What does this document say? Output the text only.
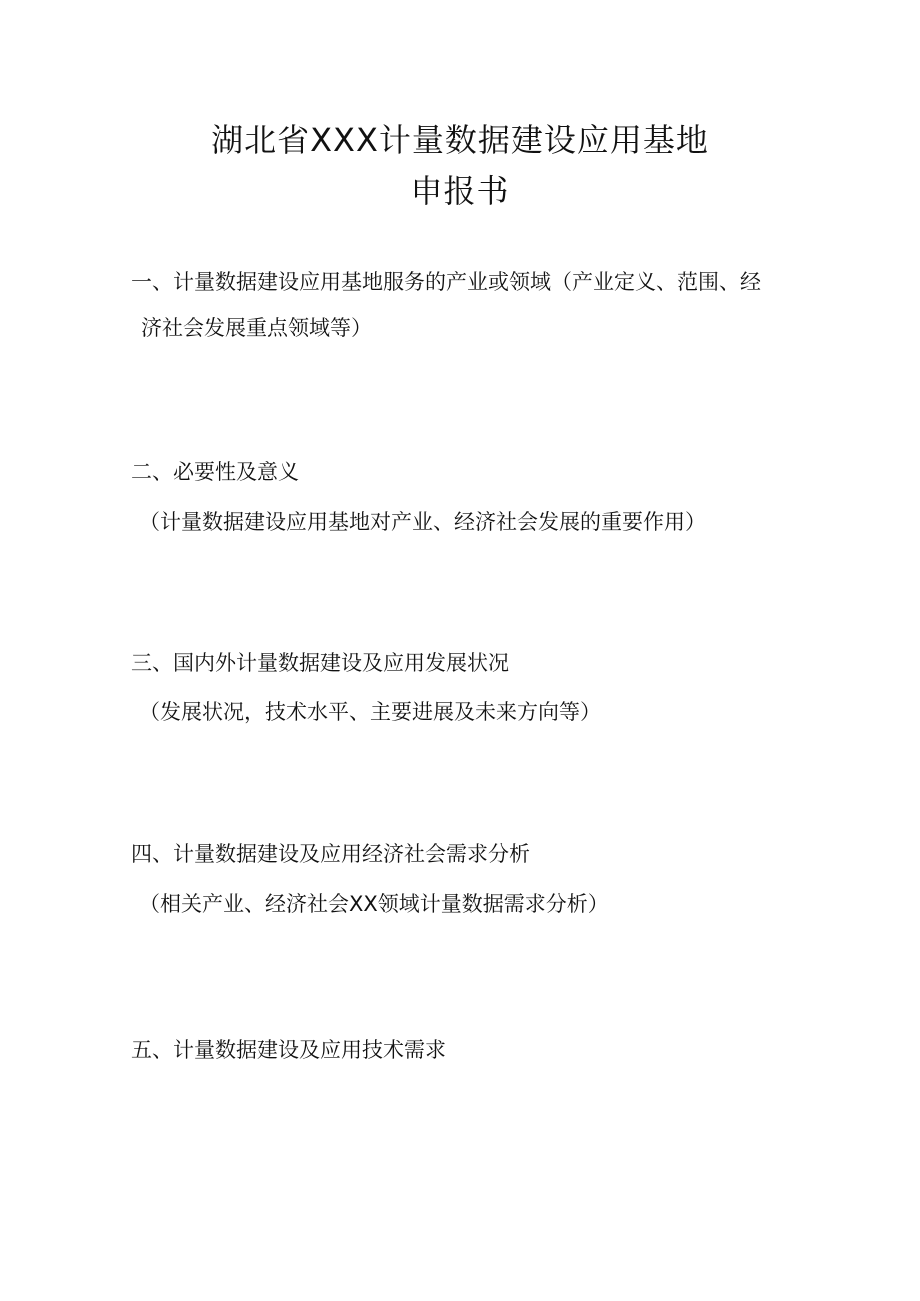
湖北省XXX计量数据建设应用基地
申报书
一、计量数据建设应用基地服务的产业或领域（产业定义、范围、经
济社会发展重点领域等）
二、必要性及意义
（计量数据建设应用基地对产业、经济社会发展的重要作用）
三、国内外计量数据建设及应用发展状况
（发展状况，技术水平、主要进展及未来方向等）
四、计量数据建设及应用经济社会需求分析
（相关产业、经济社会XX领域计量数据需求分析）
五、计量数据建设及应用技术需求
